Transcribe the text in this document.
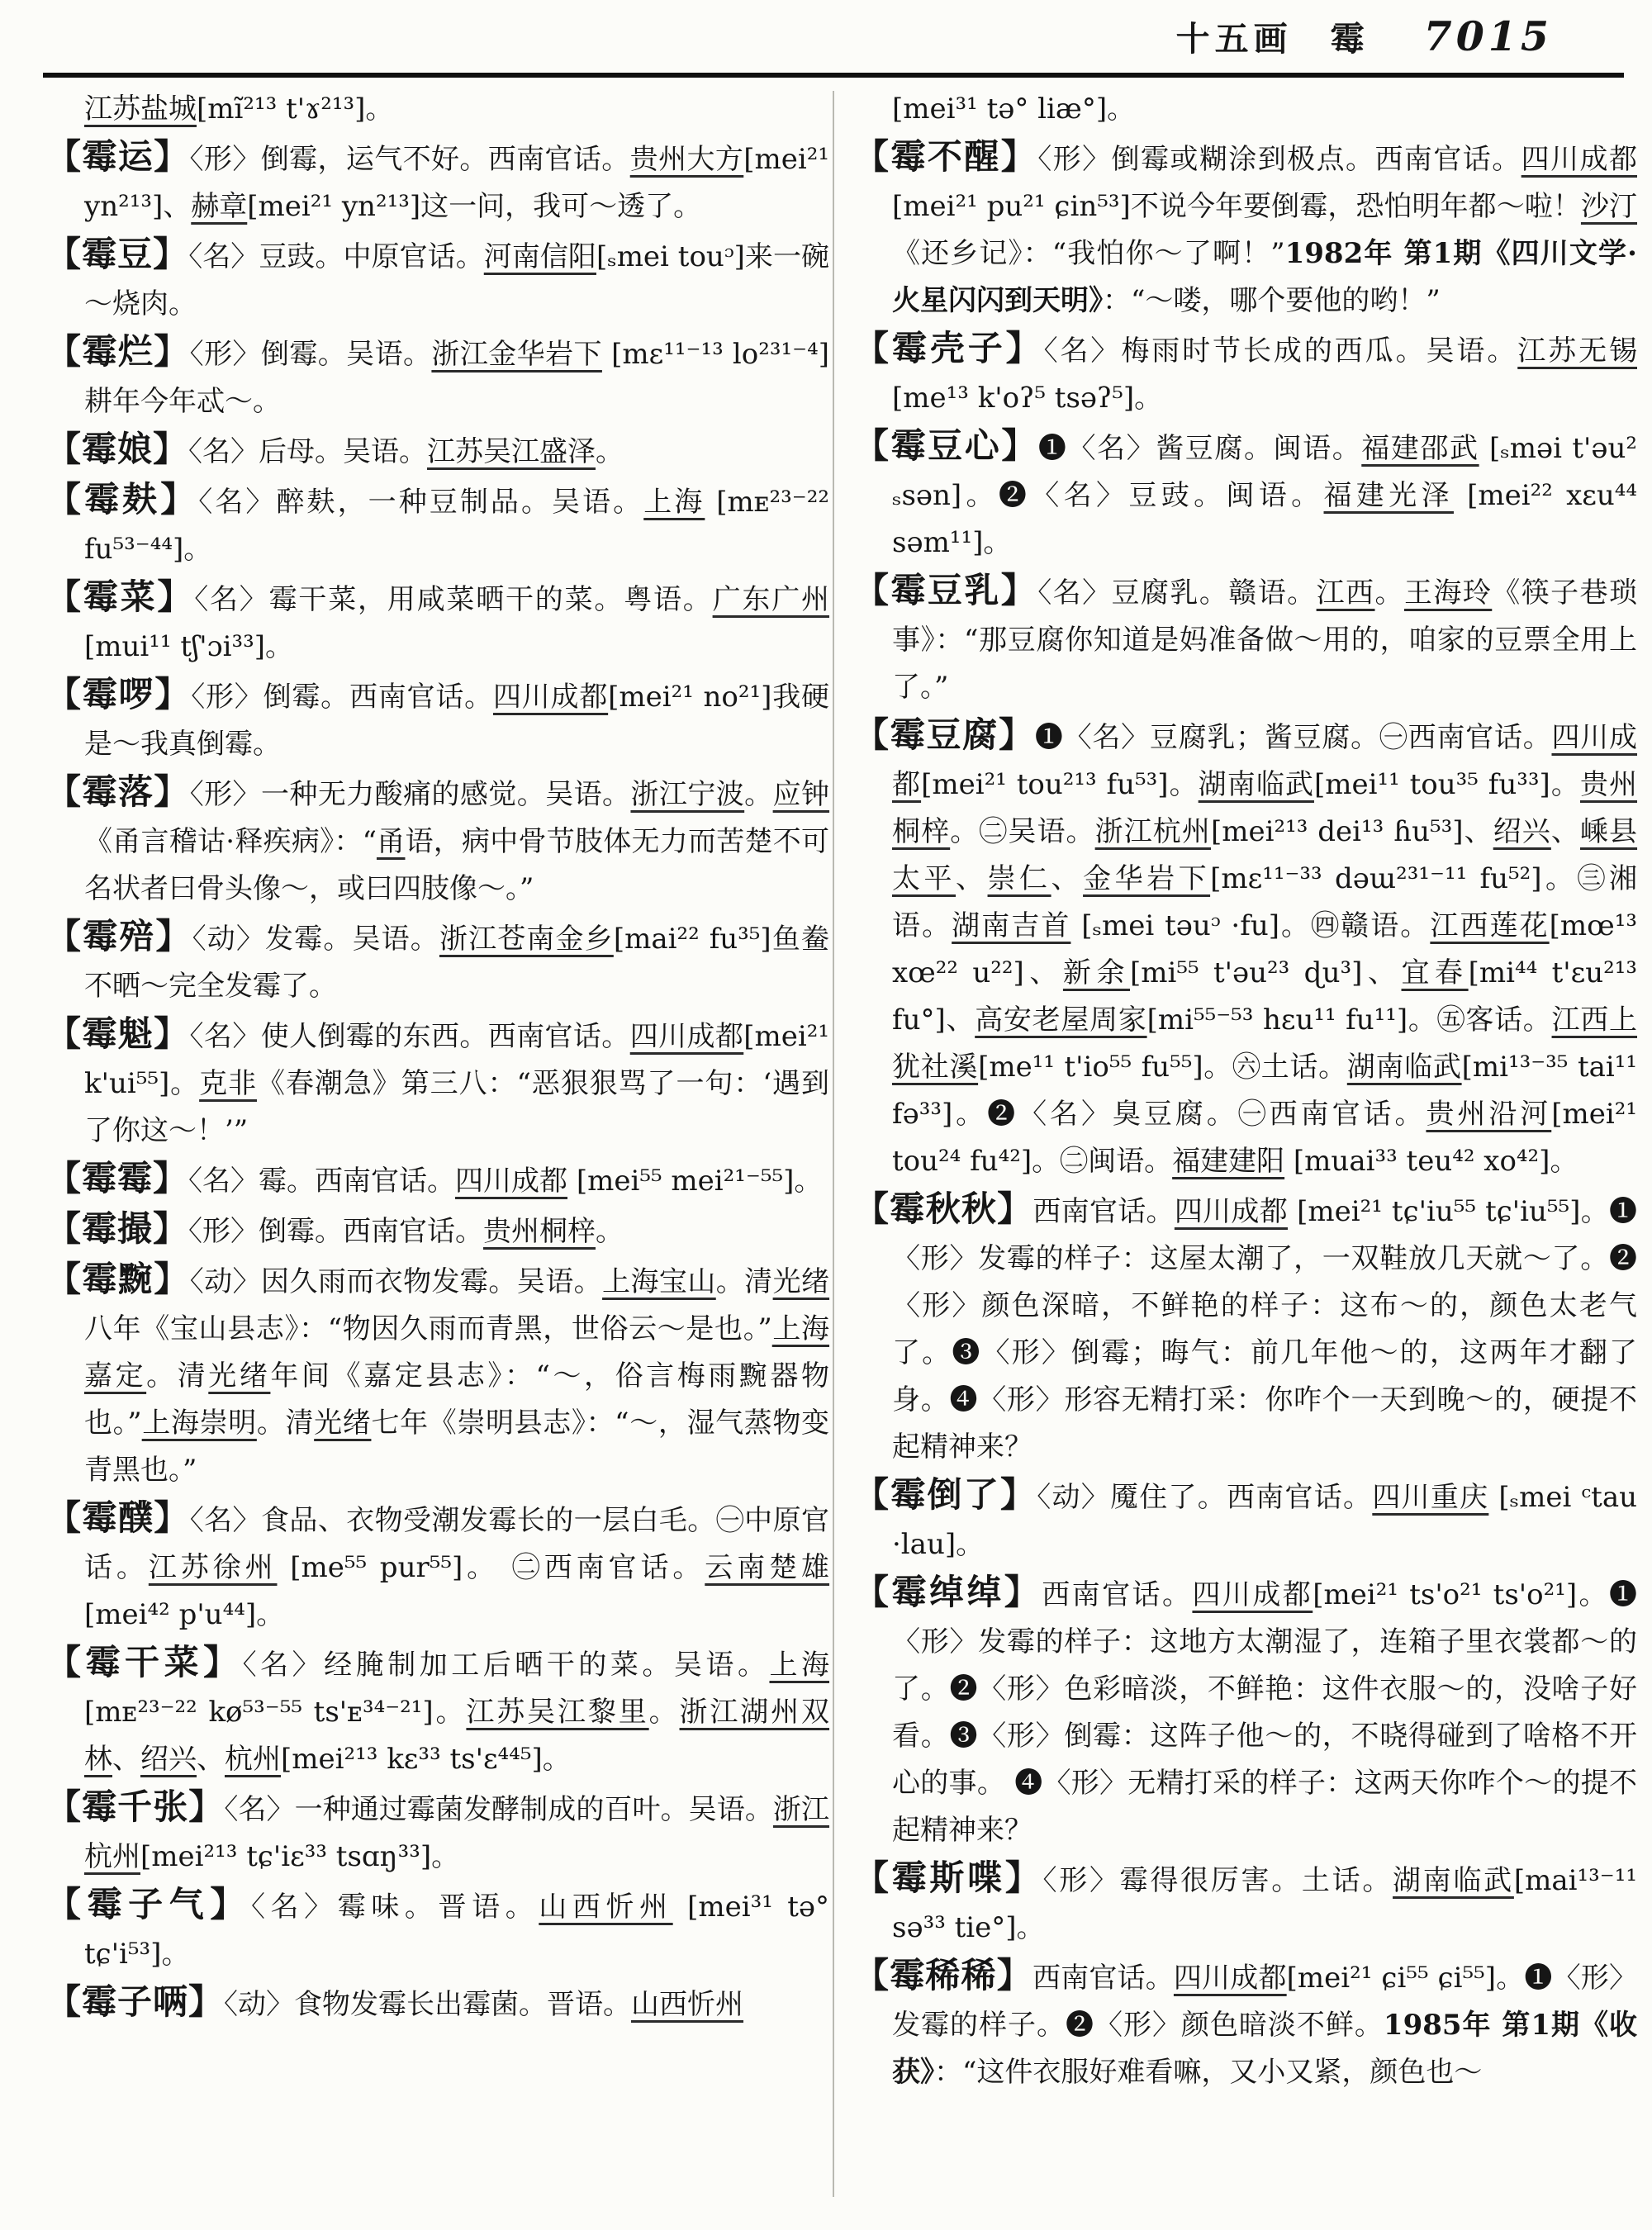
十五画 霉 7015

江苏盐城[mĩ²¹³ t'ɤ²¹³]。

【霉运】〈形〉倒霉，运气不好。西南官话。贵州大方[mei²¹ yn²¹³]、赫章[mei²¹ yn²¹³]这一问，我可～透了。

【霉豆】〈名〉豆豉。中原官话。河南信阳[ₛmei touᵓ]来一碗～烧肉。

【霉烂】〈形〉倒霉。吴语。浙江金华岩下 [mɛ¹¹⁻¹³ lo²³¹⁻⁴]耕年今年忒～。

【霉娘】〈名〉后母。吴语。江苏吴江盛泽。

【霉麸】〈名〉醉麸，一种豆制品。吴语。上海 [mᴇ²³⁻²² fu⁵³⁻⁴⁴]。

【霉菜】〈名〉霉干菜，用咸菜晒干的菜。粤语。广东广州[mui¹¹ tʃ'ɔi³³]。

【霉啰】〈形〉倒霉。西南官话。四川成都[mei²¹ no²¹]我硬是～我真倒霉。

【霉落】〈形〉一种无力酸痛的感觉。吴语。浙江宁波。应钟《甬言稽诂·释疾病》：“甬语，病中骨节肢体无力而苦楚不可名状者曰骨头像～，或曰四肢像～。”

【霉殕】〈动〉发霉。吴语。浙江苍南金乡[mai²² fu³⁵]鱼鲞不晒～完全发霉了。

【霉魁】〈名〉使人倒霉的东西。西南官话。四川成都[mei²¹ k'ui⁵⁵]。克非《春潮急》第三八：“恶狠狠骂了一句：‘遇到了你这～！’”

【霉霉】〈名〉霉。西南官话。四川成都 [mei⁵⁵ mei²¹⁻⁵⁵]。

【霉撮】〈形〉倒霉。西南官话。贵州桐梓。

【霉黦】〈动〉因久雨而衣物发霉。吴语。上海宝山。清光绪八年《宝山县志》：“物因久雨而青黑，世俗云～是也。”上海嘉定。清光绪年间《嘉定县志》：“～，俗言梅雨黦器物也。”上海崇明。清光绪七年《崇明县志》：“～，湿气蒸物变青黑也。”

【霉醭】〈名〉食品、衣物受潮发霉长的一层白毛。㊀中原官话。江苏徐州 [me⁵⁵ pur⁵⁵]。 ㊁西南官话。云南楚雄[mei⁴² p'u⁴⁴]。

【霉干菜】〈名〉经腌制加工后晒干的菜。吴语。上海[mᴇ²³⁻²² kø⁵³⁻⁵⁵ ts'ᴇ³⁴⁻²¹]。江苏吴江黎里。浙江湖州双林、绍兴、杭州[mei²¹³ kɛ³³ ts'ɛ⁴⁴⁵]。

【霉千张】〈名〉一种通过霉菌发酵制成的百叶。吴语。浙江杭州[mei²¹³ tɕ'iɛ³³ tsɑŋ³³]。

【霉子气】〈名〉霉味。晋语。山西忻州 [mei³¹ tə° tɕ'i⁵³]。

【霉子唡】〈动〉食物发霉长出霉菌。晋语。山西忻州

[mei³¹ tə° liæ°]。

【霉不醒】〈形〉倒霉或糊涂到极点。西南官话。四川成都[mei²¹ pu²¹ ɕin⁵³]不说今年要倒霉，恐怕明年都～啦！沙汀《还乡记》：“我怕你～了啊！”1982年 第1期《四川文学·火星闪闪到天明》：“～喽，哪个要他的哟！”

【霉壳子】〈名〉梅雨时节长成的西瓜。吴语。江苏无锡[me¹³ k'oʔ⁵ tsəʔ⁵]。

【霉豆心】❶〈名〉酱豆腐。闽语。福建邵武 [ₛməi t'əu² ₛsən]。❷〈名〉豆豉。闽语。福建光泽 [mei²² xɛu⁴⁴ səm¹¹]。

【霉豆乳】〈名〉豆腐乳。赣语。江西。王海玲《筷子巷琐事》：“那豆腐你知道是妈准备做～用的，咱家的豆票全用上了。”

【霉豆腐】❶〈名〉豆腐乳；酱豆腐。㊀西南官话。四川成都[mei²¹ tou²¹³ fu⁵³]。湖南临武[mei¹¹ tou³⁵ fu³³]。贵州桐梓。㊁吴语。浙江杭州[mei²¹³ dei¹³ ɦu⁵³]、绍兴、嵊县太平、崇仁、金华岩下[mɛ¹¹⁻³³ dəɯ²³¹⁻¹¹ fu⁵²]。㊂湘语。湖南吉首 [ₛmei təuᵓ ·fu]。㊃赣语。江西莲花[mœ¹³ xœ²² u²²]、新余[mi⁵⁵ t'əu²³ ɖu³]、宜春[mi⁴⁴ t'ɛu²¹³ fu°]、高安老屋周家[mi⁵⁵⁻⁵³ hɛu¹¹ fu¹¹]。㊄客话。江西上犹社溪[me¹¹ t'io⁵⁵ fu⁵⁵]。㊅土话。湖南临武[mi¹³⁻³⁵ tai¹¹ fə³³]。❷〈名〉臭豆腐。㊀西南官话。贵州沿河[mei²¹ tou²⁴ fu⁴²]。㊁闽语。福建建阳 [muai³³ teu⁴² xo⁴²]。

【霉秋秋】西南官话。四川成都 [mei²¹ tɕ'iu⁵⁵ tɕ'iu⁵⁵]。❶〈形〉发霉的样子：这屋太潮了，一双鞋放几天就～了。❷〈形〉颜色深暗，不鲜艳的样子：这布～的，颜色太老气了。❸〈形〉倒霉；晦气：前几年他～的，这两年才翻了身。❹〈形〉形容无精打采：你咋个一天到晚～的，硬提不起精神来？

【霉倒了】〈动〉魇住了。西南官话。四川重庆 [ₛmei ᶜtau ·lau]。

【霉绰绰】西南官话。四川成都[mei²¹ ts'o²¹ ts'o²¹]。❶〈形〉发霉的样子：这地方太潮湿了，连箱子里衣裳都～的了。❷〈形〉色彩暗淡，不鲜艳：这件衣服～的，没啥子好看。❸〈形〉倒霉：这阵子他～的，不晓得碰到了啥格不开心的事。 ❹〈形〉无精打采的样子：这两天你咋个～的提不起精神来？

【霉斯喋】〈形〉霉得很厉害。土话。湖南临武[mai¹³⁻¹¹ sə³³ tie°]。

【霉稀稀】西南官话。四川成都[mei²¹ ɕi⁵⁵ ɕi⁵⁵]。❶〈形〉发霉的样子。❷〈形〉颜色暗淡不鲜。1985年 第1期《收获》：“这件衣服好难看嘛，又小又紧，颜色也～
